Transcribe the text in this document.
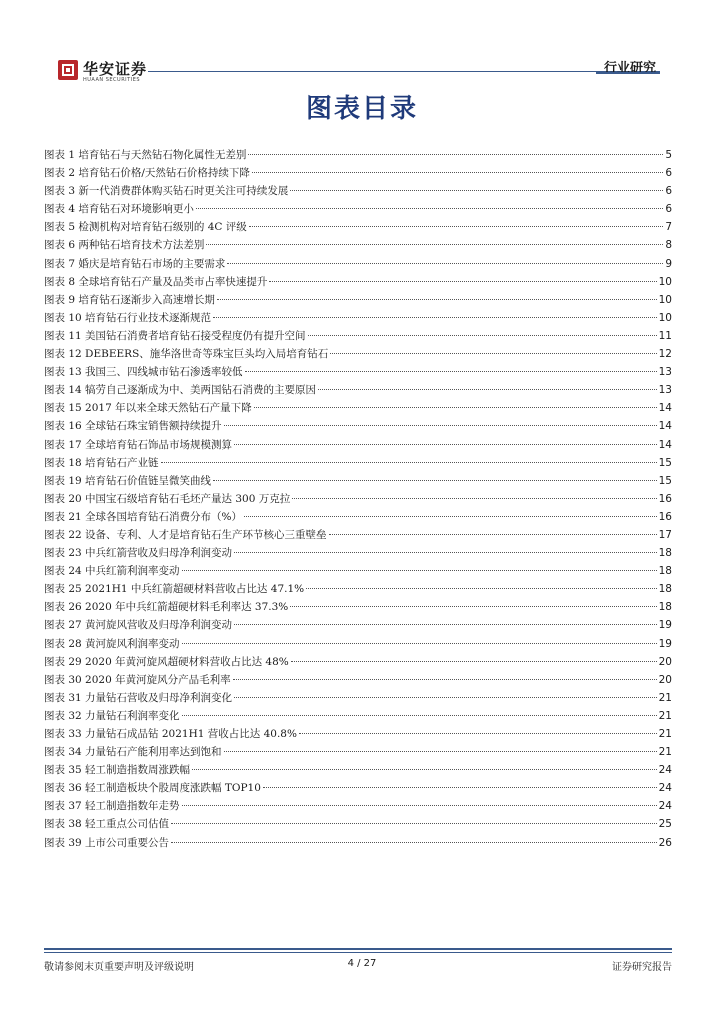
华安证券
HUAAN SECURITIES
行业研究
图表目录
图表 1 培育钻石与天然钻石物化属性无差别	5
图表 2 培育钻石价格/天然钻石价格持续下降	6
图表 3 新一代消费群体购买钻石时更关注可持续发展	6
图表 4 培育钻石对环境影响更小	6
图表 5 检测机构对培育钻石级别的 4C 评级	7
图表 6 两种钻石培育技术方法差别	8
图表 7 婚庆是培育钻石市场的主要需求	9
图表 8 全球培育钻石产量及品类市占率快速提升	10
图表 9 培育钻石逐渐步入高速增长期	10
图表 10 培育钻石行业技术逐渐规范	10
图表 11 美国钻石消费者培育钻石接受程度仍有提升空间	11
图表 12 DEBEERS、施华洛世奇等珠宝巨头均入局培育钻石	12
图表 13 我国三、四线城市钻石渗透率较低	13
图表 14 犒劳自己逐渐成为中、美两国钻石消费的主要原因	13
图表 15 2017 年以来全球天然钻石产量下降	14
图表 16 全球钻石珠宝销售额持续提升	14
图表 17 全球培育钻石饰品市场规模测算	14
图表 18 培育钻石产业链	15
图表 19 培育钻石价值链呈微笑曲线	15
图表 20 中国宝石级培育钻石毛坯产量达 300 万克拉	16
图表 21 全球各国培育钻石消费分布（%）	16
图表 22 设备、专利、人才是培育钻石生产环节核心三重壁垒	17
图表 23 中兵红箭营收及归母净利润变动	18
图表 24 中兵红箭利润率变动	18
图表 25 2021H1 中兵红箭超硬材料营收占比达 47.1%	18
图表 26 2020 年中兵红箭超硬材料毛利率达 37.3%	18
图表 27 黄河旋风营收及归母净利润变动	19
图表 28 黄河旋风利润率变动	19
图表 29 2020 年黄河旋风超硬材料营收占比达 48%	20
图表 30 2020 年黄河旋风分产品毛利率	20
图表 31 力量钻石营收及归母净利润变化	21
图表 32 力量钻石利润率变化	21
图表 33 力量钻石成品钻 2021H1 营收占比达 40.8%	21
图表 34 力量钻石产能利用率达到饱和	21
图表 35 轻工制造指数周涨跌幅	24
图表 36 轻工制造板块个股周度涨跌幅 TOP10	24
图表 37 轻工制造指数年走势	24
图表 38 轻工重点公司估值	25
图表 39 上市公司重要公告	26
敬请参阅末页重要声明及评级说明	4 / 27	证券研究报告
